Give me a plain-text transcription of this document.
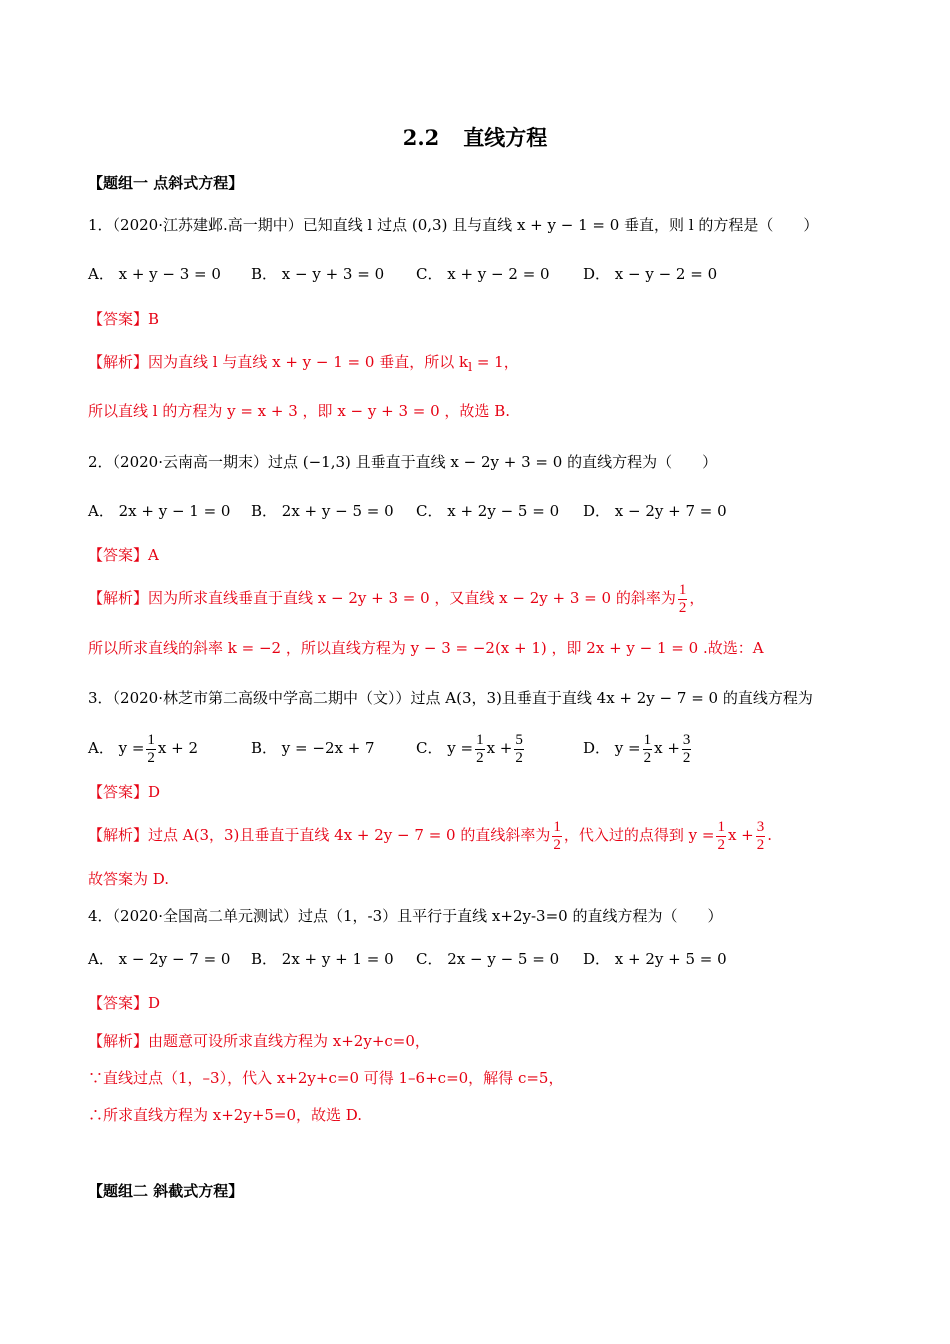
2.2 直线方程
【题组一 点斜式方程】
1．（2020·江苏建邺.高一期中）已知直线 l 过点 (0,3) 且与直线 x + y − 1 = 0 垂直，则 l 的方程是（　　）
A． x + y − 3 = 0 B． x − y + 3 = 0 C． x + y − 2 = 0 D． x − y − 2 = 0
【答案】B
【解析】因为直线 l 与直线 x + y − 1 = 0 垂直，所以 $k_l = 1$，
所以直线 l 的方程为 y = x + 3 ，即 x − y + 3 = 0 ，故选 B.
2．（2020·云南高一期末）过点 (−1,3) 且垂直于直线 x − 2y + 3 = 0 的直线方程为（　　）
A． 2x + y − 1 = 0 B． 2x + y − 5 = 0 C． x + 2y − 5 = 0 D． x − 2y + 7 = 0
【答案】A
【解析】因为所求直线垂直于直线 x − 2y + 3 = 0 ，又直线 x − 2y + 3 = 0 的斜率为 $\frac{1}{2}$ ，
所以所求直线的斜率 k = −2 ，所以直线方程为 y − 3 = −2(x + 1) ，即 2x + y − 1 = 0 .故选：A
3．（2020·林芝市第二高级中学高二期中（文））过点 A(3，3)且垂直于直线 4x + 2y − 7 = 0 的直线方程为
A． $y = \frac{1}{2}$ x + 2	B． y = −2x + 7	C． $y = \frac{1}{2}$ $x + \frac{5}{2}$	D． $y = \frac{1}{2}$ $x + \frac{3}{2}$
【答案】D
【解析】过点 A(3，3)且垂直于直线 4x + 2y − 7 = 0 的直线斜率为 $\frac{1}{2}$ ，代入过的点得到 $y = \frac{1}{2}$ $x + \frac{3}{2}$ .
故答案为 D.
4．（2020·全国高二单元测试）过点（1，-3）且平行于直线 x+2y-3=0 的直线方程为（　　）
A． x − 2y − 7 = 0 B． 2x + y + 1 = 0 C． 2x − y − 5 = 0 D． x + 2y + 5 = 0
【答案】D
【解析】由题意可设所求直线方程为 x+2y+c=0，
∵直线过点（1，–3），代入 x+2y+c=0 可得 1–6+c=0，解得 c=5，
∴所求直线方程为 x+2y+5=0，故选 D.
【题组二 斜截式方程】
